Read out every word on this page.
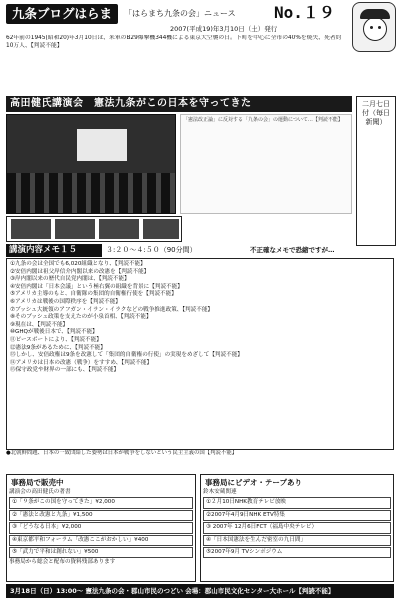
九条ブログはらま	「はらまち九条の会」ニュース	No.１９
2007(平成19)年3月10日（土）発行
62年前の1945(昭和20)年3月10日は、米軍のB29爆撃機344機による東京大空襲の日。下町を中心に全市の40%を焼失、死者約10万人、【判読不能】
高田健氏講演会　憲法九条がこの日本を守ってきた	二月七日付（毎日新聞）
「憲法改正論」に反対する「九条の会」の運動について…【判読不能】
講演内容メモ１５	３:２０～４:５０（90分間）	不正確なメモで恐縮ですが…
①九条の会は全国でも6,020組織となり、【判読不能】
②安倍内閣は祖父岸信介内閣以来の改憲を【判読不能】
③岸内閣以来の歴代自民党内閣は、【判読不能】
④安倍内閣は「日本会議」という極右翼の組織を背景に【判読不能】
⑤アメリカ主導のもと、自衛隊の集団的自衛権行使を【判読不能】
⑥アメリカは戦後の国際秩序を【判読不能】
⑦ブッシュ大統領のアフガン・イラン・イラクなどの戦争推進政策、【判読不能】
⑧そのブッシュ政策を支えたのが小泉首相、【判読不能】
⑨現在は、【判読不能】
⑩GHQが戦後日本で、【判読不能】
⑪ピースボートにより、【判読不能】
⑫憲法9条があるために、【判読不能】
⑬しかし、安倍政権は9条を改憲して「集団的自衛権の行使」の実現をめざして【判読不能】
⑭アメリカは日本の改憲（戦争）をすすめ、【判読不能】
⑮保守政党や財界の一部にも、【判読不能】
●北朝鮮問題、日本の一致団結した姿勢は日本が戦争をしないという民主主義の国【判読不能】
事務局で販売中
講演会の高田健氏の著書
①「９条がこの国を守ってきた」¥2,000
②「憲法と改憲と九条」¥1,500
③「どうなる日本」¥2,000
④東京都平和フォーラム「改憲ここがおかしい」¥400
⑤「武力で平和は創れない」¥500
事務局から総会と配布の資料残部あります
事務局にビデオ・テープあり
鈴木安蔵関連
①２月10日NHK教育テレビ放映
②2007年4月9日NHK ETV特集
③ 2007年 12月6日FCT（福島中央テレビ）
④「日本国憲法を生んだ密室の九日間」
⑤2007年9月 TVシンポジウム
3月18日（日）13:00～ 憲法九条の会・郡山市民のつどい 会場：郡山市民文化センター大ホール【判読不能】
